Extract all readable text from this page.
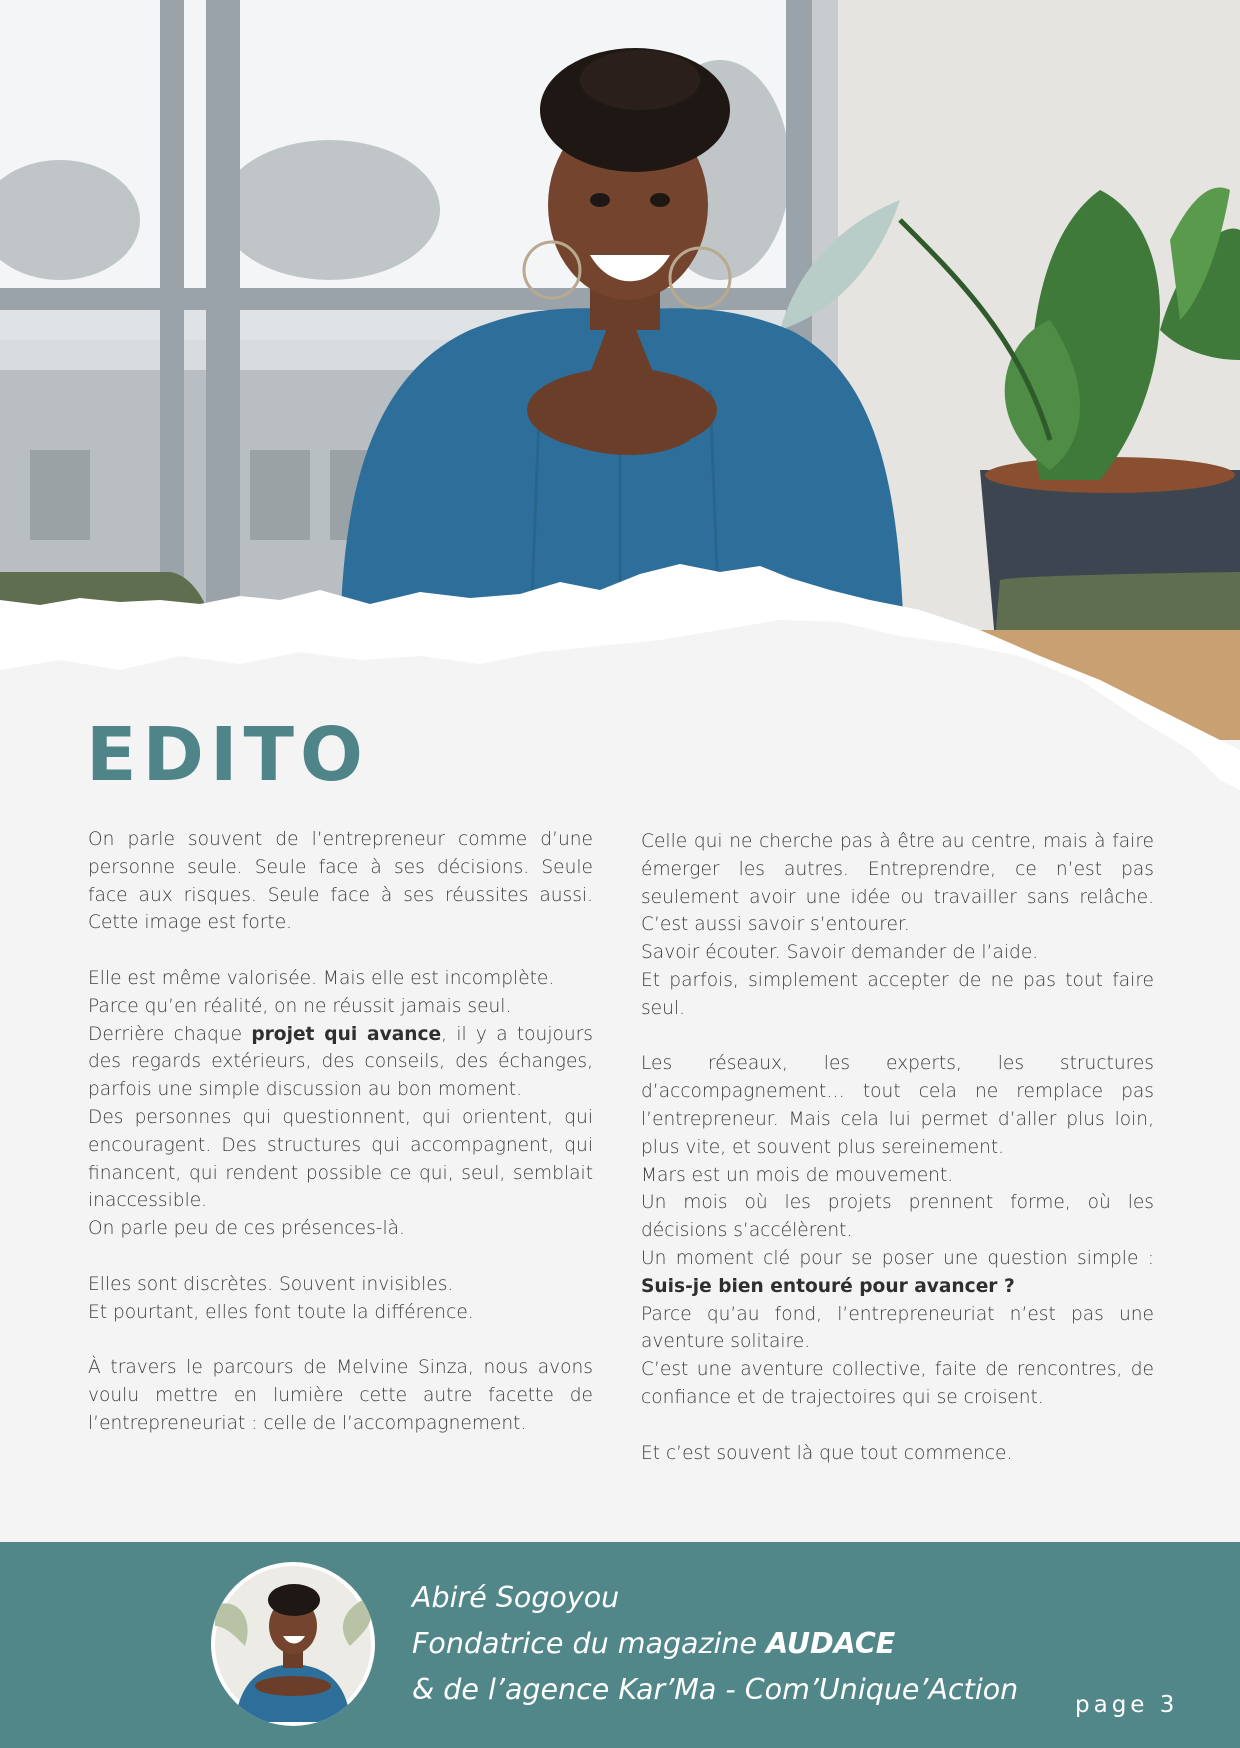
EDITO

On parle souvent de l’entrepreneur comme d’une personne seule. Seule face à ses décisions. Seule face aux risques. Seule face à ses réussites aussi. Cette image est forte.

Elle est même valorisée. Mais elle est incomplète.

Parce qu’en réalité, on ne réussit jamais seul.

Derrière chaque projet qui avance, il y a toujours des regards extérieurs, des conseils, des échanges, parfois une simple discussion au bon moment.

Des personnes qui questionnent, qui orientent, qui encouragent. Des structures qui accompagnent, qui financent, qui rendent possible ce qui, seul, semblait inaccessible.

On parle peu de ces présences-là.

Elles sont discrètes. Souvent invisibles.

Et pourtant, elles font toute la différence.

À travers le parcours de Melvine Sinza, nous avons voulu mettre en lumière cette autre facette de l’entrepreneuriat : celle de l’accompagnement.

Celle qui ne cherche pas à être au centre, mais à faire émerger les autres. Entreprendre, ce n’est pas seulement avoir une idée ou travailler sans relâche. C’est aussi savoir s’entourer.

Savoir écouter. Savoir demander de l’aide.

Et parfois, simplement accepter de ne pas tout faire seul.

Les réseaux, les experts, les structures d’accompagnement… tout cela ne remplace pas l’entrepreneur. Mais cela lui permet d’aller plus loin, plus vite, et souvent plus sereinement.

Mars est un mois de mouvement.

Un mois où les projets prennent forme, où les décisions s’accélèrent.

Un moment clé pour se poser une question simple : Suis-je bien entouré pour avancer ?

Parce qu’au fond, l’entrepreneuriat n’est pas une aventure solitaire.

C’est une aventure collective, faite de rencontres, de confiance et de trajectoires qui se croisent.

Et c’est souvent là que tout commence.

Abiré Sogoyou
Fondatrice du magazine AUDACE
& de l’agence Kar’Ma - Com’Unique’Action page 3
